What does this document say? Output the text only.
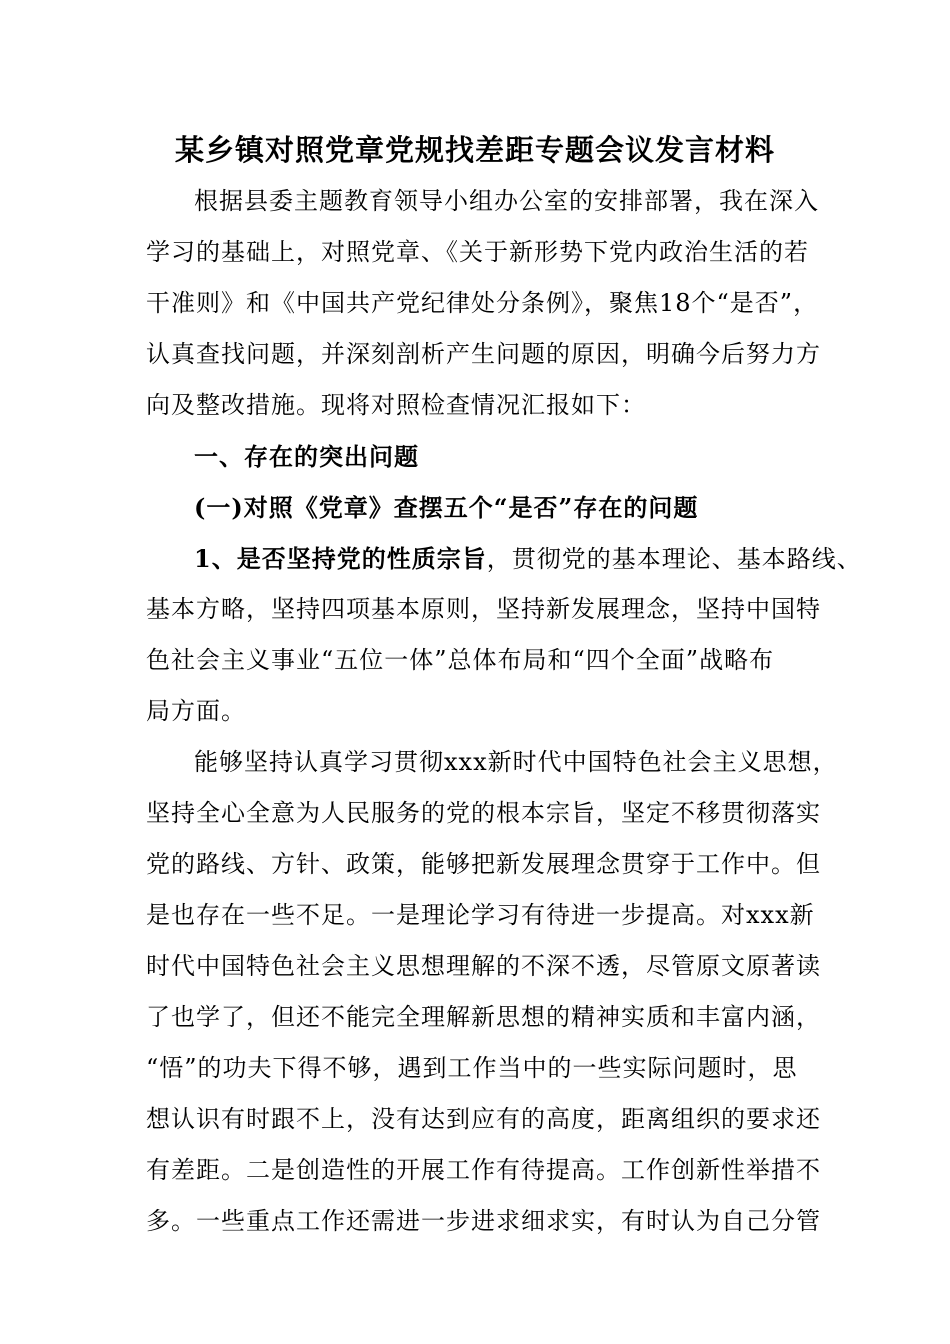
某乡镇对照党章党规找差距专题会议发言材料
根据县委主题教育领导小组办公室的安排部署，我在深入
学习的基础上，对照党章、《关于新形势下党内政治生活的若
干准则》和《中国共产党纪律处分条例》，聚焦18个“是否”，
认真查找问题，并深刻剖析产生问题的原因，明确今后努力方
向及整改措施。现将对照检查情况汇报如下：
一、存在的突出问题
(一)对照《党章》查摆五个“是否”存在的问题
1、是否坚持党的性质宗旨，贯彻党的基本理论、基本路线、
基本方略，坚持四项基本原则，坚持新发展理念，坚持中国特
色社会主义事业“五位一体”总体布局和“四个全面”战略布
局方面。
能够坚持认真学习贯彻xxx新时代中国特色社会主义思想，
坚持全心全意为人民服务的党的根本宗旨，坚定不移贯彻落实
党的路线、方针、政策，能够把新发展理念贯穿于工作中。但
是也存在一些不足。一是理论学习有待进一步提高。对xxx新
时代中国特色社会主义思想理解的不深不透，尽管原文原著读
了也学了，但还不能完全理解新思想的精神实质和丰富内涵，
“悟”的功夫下得不够，遇到工作当中的一些实际问题时，思
想认识有时跟不上，没有达到应有的高度，距离组织的要求还
有差距。二是创造性的开展工作有待提高。工作创新性举措不
多。一些重点工作还需进一步进求细求实，有时认为自己分管
